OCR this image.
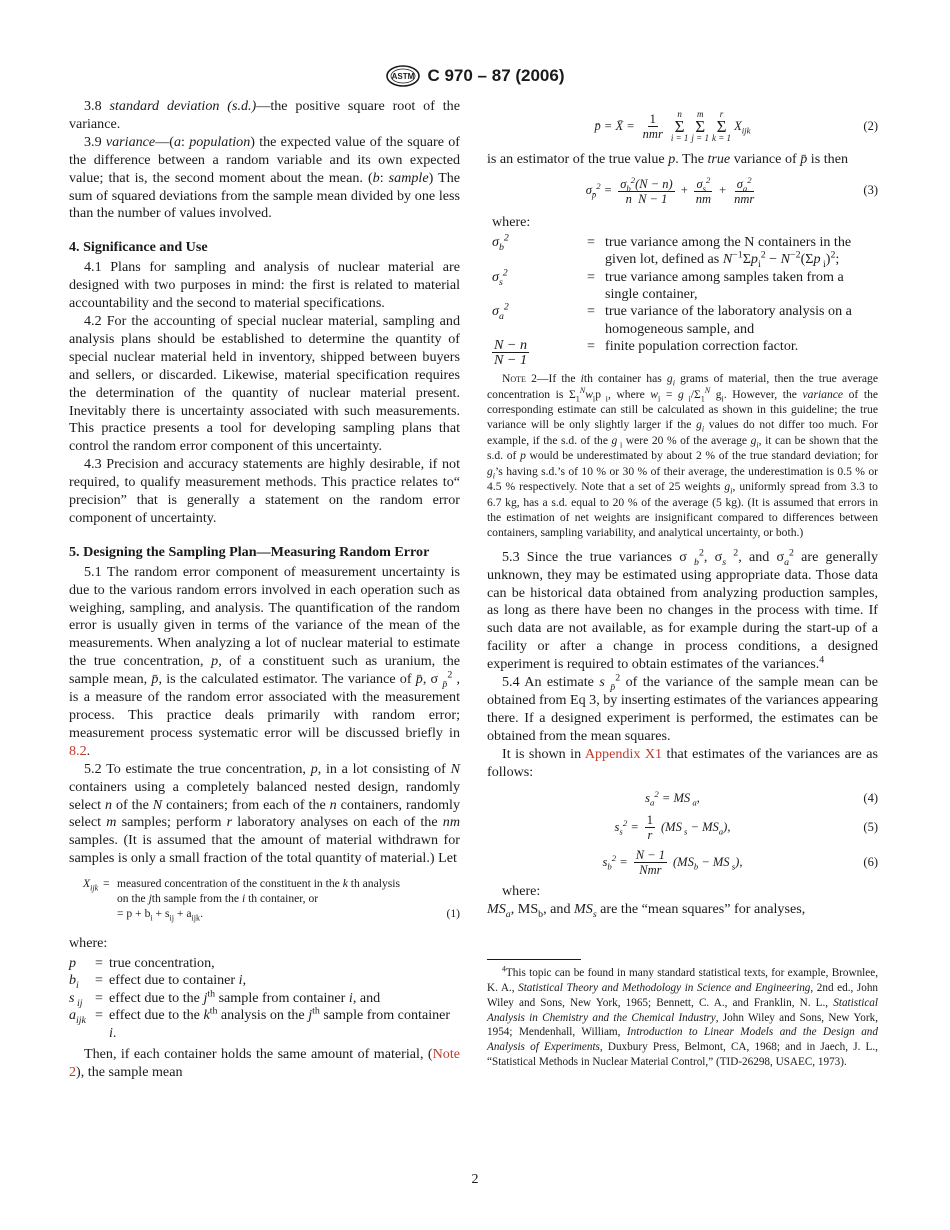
ASTM C 970 – 87 (2006)

3.8 standard deviation (s.d.)—the positive square root of the variance.

3.9 variance—(a: population) the expected value of the square of the difference between a random variable and its own expected value; that is, the second moment about the mean. (b: sample) The sum of squared deviations from the sample mean divided by one less than the number of values involved.

4. Significance and Use

4.1 Plans for sampling and analysis of nuclear material are designed with two purposes in mind: the first is related to material accountability and the second to material specifications.

4.2 For the accounting of special nuclear material, sampling and analysis plans should be established to determine the quantity of special nuclear material held in inventory, shipped between buyers and sellers, or discarded. Likewise, material specification requires the determination of the quantity of nuclear material present. Inevitably there is uncertainty associated with such measurements. This practice presents a tool for developing sampling plans that control the random error component of this uncertainty.

4.3 Precision and accuracy statements are highly desirable, if not required, to qualify measurement methods. This practice relates to“ precision” that is generally a statement on the random error component of uncertainty.

5. Designing the Sampling Plan—Measuring Random Error

5.1 The random error component of measurement uncertainty is due to the various random errors involved in each operation such as weighing, sampling, and analysis. The quantification of the random error is usually given in terms of the variance of the mean of the measurements. When analyzing a lot of nuclear material to estimate the true concentration, p, of a constituent such as uranium, the sample mean, p̄, is the calculated estimator. The variance of p̄, σ $_{p̄}^2$ , is a measure of the random error associated with the measurement process. This practice deals primarily with random error; measurement process systematic error will be discussed briefly in 8.2.

5.2 To estimate the true concentration, p, in a lot consisting of N containers using a completely balanced nested design, randomly select n of the N containers; from each of the n containers, randomly select m samples; perform r laboratory analyses on each of the nm samples. (It is assumed that the amount of material withdrawn for samples is only a small fraction of the total quantity of material.) Let

$X_{ijk}$ = measured concentration of the constituent in the k th analysis
on the jth sample from the i th container, or
= $p + b_i + s_{ij} + a_{ijk}$.	(1)

where:

p	= true concentration,
$b_i$	= effect due to container i,
s $_{ij}$ = effect due to the $j^{th}$ sample from container i, and
$a_{ijk}$ = effect due to the $k^{th}$ analysis on the $j^{th}$ sample from container i.

Then, if each container holds the same amount of material, (Note 2), the sample mean

p̄ = X̄ = $\frac{1}{\text{nmr}}$ n
Σ
i = 1
m
Σ
j = 1
r
Σ
k = 1
$X_{ijk}$	(2)

is an estimator of the true value p. The true variance of p̄ is then

$\sigma_{p̄}^2 = \frac{\sigma_b^2(N - n)}{\text{n  N − 1}} + \frac{\sigma_s^2}{nm} + \frac{\sigma_a^2}{\text{nmr}}$	(3)

where:

$\sigma_b^2$	= true variance among the N containers in the given lot, defined as $N^{-1}\Sigma p_i^2 - N^{-2}(\Sigma p$ $_i$)$^2$;
$\sigma_s^2$	= true variance among samples taken from a single container,
$\sigma_a^2$	= true variance of the laboratory analysis on a homogeneous sample, and
$\frac{N - n}{N - 1}$	= finite population correction factor.

Note 2—If the ith container has $g_i$ grams of material, then the true average concentration is $\Sigma_1^Nw_ip$ $_i$, where $w_i = g$ $_i/\Sigma_1^N$ $g_i$. However, the variance of the corresponding estimate can still be calculated as shown in this guideline; the true variance will be only slightly larger if the $g_i$ values do not differ too much. For example, if the s.d. of the g $_i$ were 20 % of the average $g_i$, it can be shown that the s.d. of p would be underestimated by about 2 % of the true standard deviation; for $g_i’s$ having s.d.’s of 10 % or 30 % of their average, the underestimation is 0.5 % or 4.5 % respectively. Note that a set of 25 weights $g_i$, uniformly spread from 3.3 to 6.7 kg, has a s.d. equal to 20 % of the average (5 kg). (It is assumed that errors in the estimation of net weights are insignificant compared to differences between containers, sampling variability, and analytical uncertainty, or both.)

5.3 Since the true variances σ $_b^2$, $\sigma_s$ $^2$, and $\sigma_a^2$ are generally unknown, they may be estimated using appropriate data. Those data can be historical data obtained from analyzing production samples, as long as there have been no changes in the process with time. If such data are not available, as for example during the start-up of a facility or after a change in process conditions, a designed experiment is required to obtain estimates of the variances.$^4$

5.4 An estimate s $_{p̄}^2$ of the variance of the sample mean can be obtained from Eq 3, by inserting estimates of the variances appearing there. If a designed experiment is performed, the estimates can be obtained from the mean squares.

It is shown in Appendix X1 that estimates of the variances are as follows:

$s_a^2$ = MS $_a$,	(4)
$s_s^2 = \frac{1}{r} (MS$ $_s - MS_a$),	(5)
$s_b^2 = \frac{N - 1}{\text{Nmr}} (MS_b$ − MS $_s$),	(6)

where:

$MS_a$, $MS_b$, and $MS_s$ are the “mean squares” for analyses,

$^4$This topic can be found in many standard statistical texts, for example, Brownlee, K. A., Statistical Theory and Methodology in Science and Engineering, 2nd ed., John Wiley and Sons, New York, 1965; Bennett, C. A., and Franklin, N. L., Statistical Analysis in Chemistry and the Chemical Industry, John Wiley and Sons, New York, 1954; Mendenhall, William, Introduction to Linear Models and the Design and Analysis of Experiments, Duxbury Press, Belmont, CA, 1968; and in Jaech, J. L., “Statistical Methods in Nuclear Material Control,” (TID-26298, USAEC, 1973).

2
